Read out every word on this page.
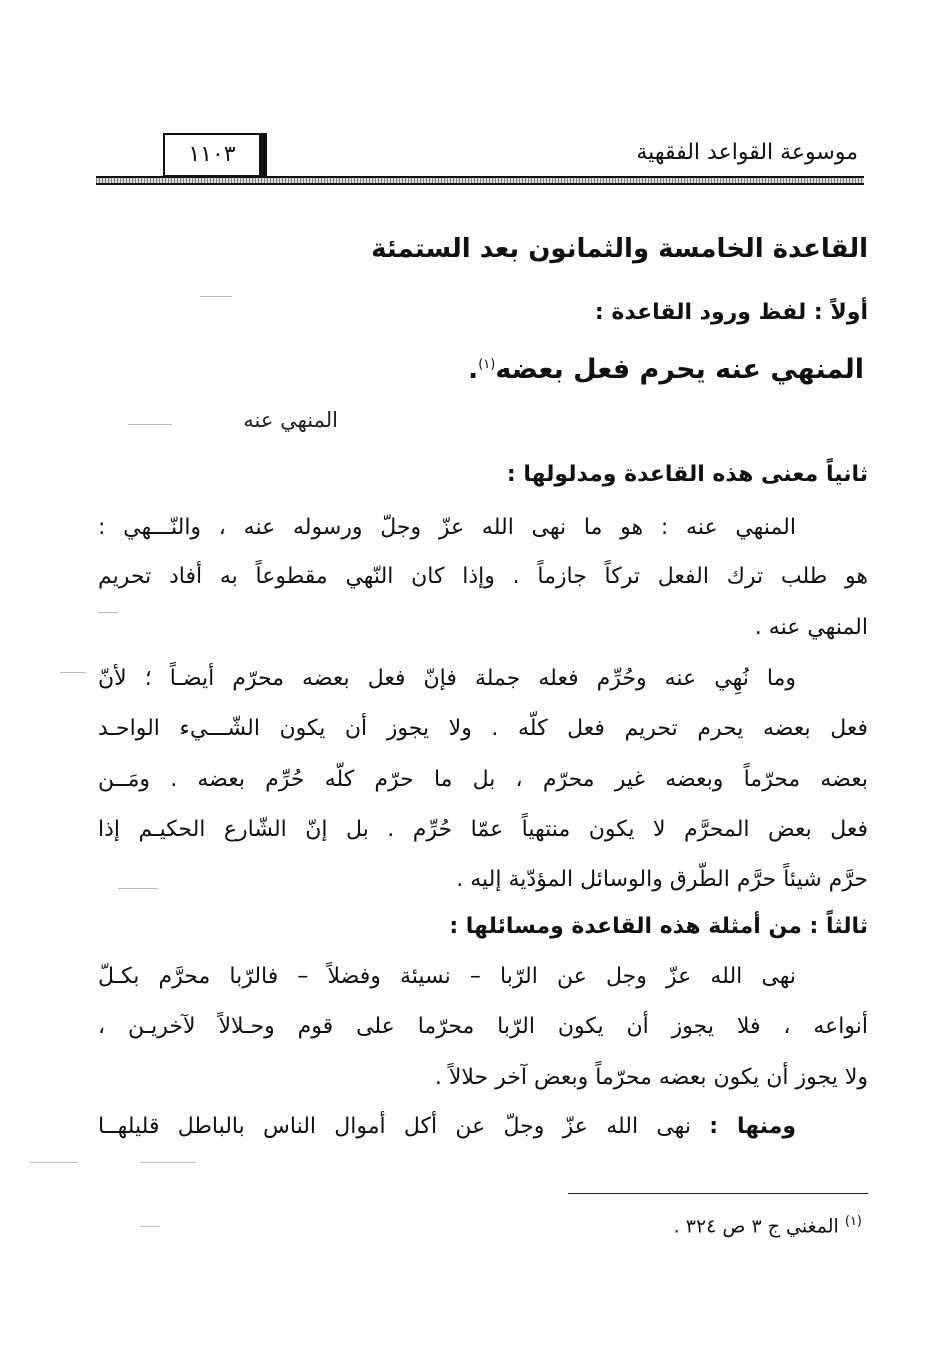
موسوعة القواعد الفقهية
١١٠٣
القاعدة الخامسة والثمانون بعد الستمئة
أولاً : لفظ ورود القاعدة :
المنهي عنه يحرم فعل بعضه$^{(١)}$.
المنهي عنه
ثانياً معنى هذه القاعدة ومدلولها :
المنهي عنه : هو ما نهى الله عزّ وجلّ ورسوله عنه ، والنّـــهي :
هو طلب ترك الفعل تركاً جازماً . وإذا كان النّهي مقطوعاً به أفاد تحريم
المنهي عنه .
وما نُهِي عنه وحُرِّم فعله جملة فإنّ فعل بعضه محرّم أيضـاً ؛ لأنّ
فعل بعضه يحرم تحريم فعل كلّه . ولا يجوز أن يكون الشّـــيء الواحـد
بعضه محرّماً وبعضه غير محرّم ، بل ما حرّم كلّه حُرِّم بعضه . ومَــن
فعل بعض المحرَّم لا يكون منتهياً عمّا حُرِّم . بل إنّ الشّارع الحكيـم إذا
حرَّم شيئاً حرَّم الطّرق والوسائل المؤدّية إليه .
ثالثاً : من أمثلة هذه القاعدة ومسائلها :
نهى الله عزّ وجل عن الرّبا – نسيئة وفضلاً – فالرّبا محرَّم بكـلّ
أنواعه ، فلا يجوز أن يكون الرّبا محرّما على قوم وحـلالاً لآخريـن ،
ولا يجوز أن يكون بعضه محرّماً وبعض آخر حلالاً .
ومنها : نهى الله عزّ وجلّ عن أكل أموال الناس بالباطل قليلهــا
$^{(١)}$ المغني ج ٣ ص ٣٢٤ .
